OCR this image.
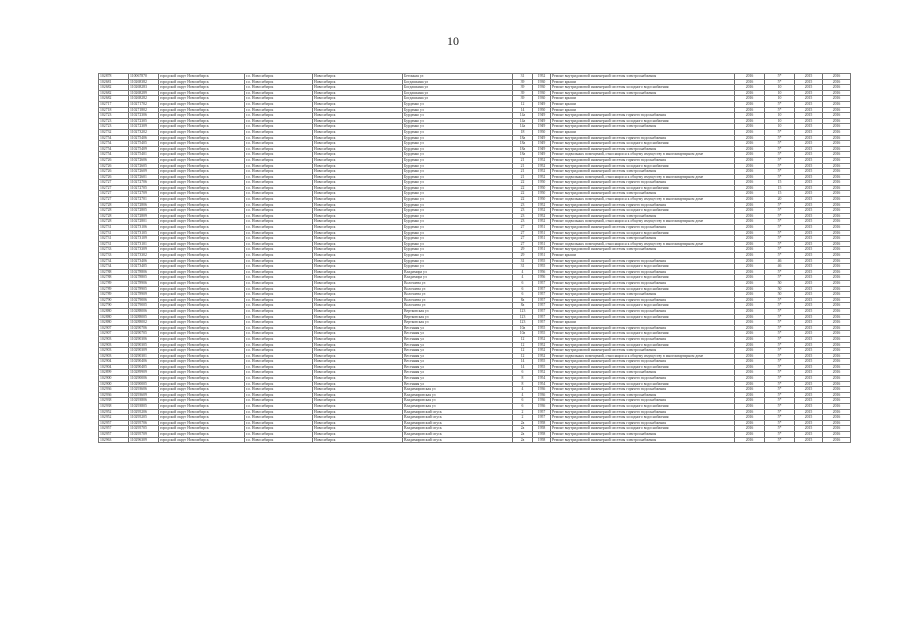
10
102878	110067870	городской округ Новосибирск	г.о. Новосибирск	Новосибирск	Бетонная ул	31	1952	Ремонт внутридомовой инженерной системы электроснабжения	2016	5*	2015	2016
102681	110268382	городской округ Новосибирск	г.о. Новосибирск	Новосибирск	Богдашкина ул	39	1930	Ремонт крыши	2016	5*	2015	2016
102682	110268283	городской округ Новосибирск	г.о. Новосибирск	Новосибирск	Богдашкина ул	39	1930	Ремонт внутридомовой инженерной системы холодного водоснабжения	2016	10	2015	2016
102682	110268289	городской округ Новосибирск	г.о. Новосибирск	Новосибирск	Богдашкина ул	39	1930	Ремонт внутридомовой инженерной системы электроснабжения	2016	10	2015	2016
102682	110268282	городской округ Новосибирск	г.о. Новосибирск	Новосибирск	Богдашкина ул	39	1930	Ремонт крыши	2016	10	2015	2016
102717	110271702	городской округ Новосибирск	г.о. Новосибирск	Новосибирск	Бурденко ул	12	1949	Ремонт крыши	2016	5*	2015	2016
102718	110271802	городской округ Новосибирск	г.о. Новосибирск	Новосибирск	Бурденко ул	14	1950	Ремонт крыши	2016	5*	2015	2016
102723	110272306	городской округ Новосибирск	г.о. Новосибирск	Новосибирск	Бурденко ул	14а	1949	Ремонт внутридомовой инженерной системы горячего водоснабжения	2016	10	2015	2016
102723	110272305	городской округ Новосибирск	г.о. Новосибирск	Новосибирск	Бурденко ул	14а	1949	Ремонт внутридомовой инженерной системы холодного водоснабжения	2016	10	2015	2016
102723	110272309	городской округ Новосибирск	г.о. Новосибирск	Новосибирск	Бурденко ул	14а	1949	Ремонт внутридомовой инженерной системы электроснабжения	2016	10	2015	2016
102732	110273202	городской округ Новосибирск	г.о. Новосибирск	Новосибирск	Бурденко ул	18	1950	Ремонт крыши	2016	5*	2015	2016
102754	110275406	городской округ Новосибирск	г.о. Новосибирск	Новосибирск	Бурденко ул	18а	1949	Ремонт внутридомовой инженерной системы горячего водоснабжения	2016	5*	2015	2016
102754	110275405	городской округ Новосибирск	г.о. Новосибирск	Новосибирск	Бурденко ул	18а	1949	Ремонт внутридомовой инженерной системы холодного водоснабжения	2016	5*	2015	2016
102754	110275409	городской округ Новосибирск	г.о. Новосибирск	Новосибирск	Бурденко ул	18а	1949	Ремонт внутридомовой инженерной системы электроснабжения	2016	5*	2015	2016
102754	110275401	городской округ Новосибирск	г.о. Новосибирск	Новосибирск	Бурденко ул	18а	1949	Ремонт подвальных помещений, относящихся к общему имуществу в многоквартирном доме	2016	5*	2015	2016
102726	110272606	городской округ Новосибирск	г.о. Новосибирск	Новосибирск	Бурденко ул	21	1952	Ремонт внутридомовой инженерной системы горячего водоснабжения	2016	5*	2015	2016
102726	110272605	городской округ Новосибирск	г.о. Новосибирск	Новосибирск	Бурденко ул	21	1952	Ремонт внутридомовой инженерной системы холодного водоснабжения	2016	5*	2015	2016
102726	110272609	городской округ Новосибирск	г.о. Новосибирск	Новосибирск	Бурденко ул	21	1952	Ремонт внутридомовой инженерной системы электроснабжения	2016	5*	2015	2016
102726	110272601	городской округ Новосибирск	г.о. Новосибирск	Новосибирск	Бурденко ул	21	1952	Ремонт подвальных помещений, относящихся к общему имуществу в многоквартирном доме	2016	5*	2015	2016
102727	110272706	городской округ Новосибирск	г.о. Новосибирск	Новосибирск	Бурденко ул	22	1950	Ремонт внутридомовой инженерной системы горячего водоснабжения	2016	15	2015	2016
102727	110272705	городской округ Новосибирск	г.о. Новосибирск	Новосибирск	Бурденко ул	22	1950	Ремонт внутридомовой инженерной системы холодного водоснабжения	2016	15	2015	2016
102727	110272709	городской округ Новосибирск	г.о. Новосибирск	Новосибирск	Бурденко ул	22	1950	Ремонт внутридомовой инженерной системы электроснабжения	2016	15	2015	2016
102727	110272701	городской округ Новосибирск	г.о. Новосибирск	Новосибирск	Бурденко ул	22	1950	Ремонт подвальных помещений, относящихся к общему имуществу в многоквартирном доме	2016	20	2015	2016
102728	110272806	городской округ Новосибирск	г.о. Новосибирск	Новосибирск	Бурденко ул	23	1952	Ремонт внутридомовой инженерной системы горячего водоснабжения	2016	5*	2015	2016
102728	110272805	городской округ Новосибирск	г.о. Новосибирск	Новосибирск	Бурденко ул	23	1952	Ремонт внутридомовой инженерной системы холодного водоснабжения	2016	5*	2015	2016
102728	110272809	городской округ Новосибирск	г.о. Новосибирск	Новосибирск	Бурденко ул	23	1952	Ремонт внутридомовой инженерной системы электроснабжения	2016	5*	2015	2016
102728	110272801	городской округ Новосибирск	г.о. Новосибирск	Новосибирск	Бурденко ул	23	1952	Ремонт подвальных помещений, относящихся к общему имуществу в многоквартирном доме	2016	5*	2015	2016
102731	110273106	городской округ Новосибирск	г.о. Новосибирск	Новосибирск	Бурденко ул	27	1951	Ремонт внутридомовой инженерной системы горячего водоснабжения	2016	5*	2015	2016
102731	110273105	городской округ Новосибирск	г.о. Новосибирск	Новосибирск	Бурденко ул	27	1951	Ремонт внутридомовой инженерной системы холодного водоснабжения	2016	5*	2015	2016
102731	110273109	городской округ Новосибирск	г.о. Новосибирск	Новосибирск	Бурденко ул	27	1951	Ремонт внутридомовой инженерной системы электроснабжения	2016	5*	2015	2016
102731	110273101	городской округ Новосибирск	г.о. Новосибирск	Новосибирск	Бурденко ул	27	1951	Ремонт подвальных помещений, относящихся к общему имуществу в многоквартирном доме	2016	5*	2015	2016
102733	110273309	городской округ Новосибирск	г.о. Новосибирск	Новосибирск	Бурденко ул	29	1951	Ремонт внутридомовой инженерной системы электроснабжения	2016	5*	2015	2016
102733	110273302	городской округ Новосибирск	г.о. Новосибирск	Новосибирск	Бурденко ул	29	1951	Ремонт крыши	2016	5*	2015	2016
102734	110273406	городской округ Новосибирск	г.о. Новосибирск	Новосибирск	Бурденко ул	31	1955	Ремонт внутридомовой инженерной системы горячего водоснабжения	2016	46	2015	2016
102734	110273405	городской округ Новосибирск	г.о. Новосибирск	Новосибирск	Бурденко ул	31	1955	Ремонт внутридомовой инженерной системы холодного водоснабжения	2016	46	2015	2016
102788	110278806	городской округ Новосибирск	г.о. Новосибирск	Новосибирск	Владимира ул	4	1956	Ремонт внутридомовой инженерной системы горячего водоснабжения	2016	5*	2015	2016
102788	110278805	городской округ Новосибирск	г.о. Новосибирск	Новосибирск	Владимира ул	4	1956	Ремонт внутридомовой инженерной системы холодного водоснабжения	2016	5*	2015	2016
102789	110278906	городской округ Новосибирск	г.о. Новосибирск	Новосибирск	Волочаева ул	6	1957	Ремонт внутридомовой инженерной системы горячего водоснабжения	2016	50	2015	2016
102789	110278905	городской округ Новосибирск	г.о. Новосибирск	Новосибирск	Волочаева ул	6	1957	Ремонт внутридомовой инженерной системы холодного водоснабжения	2016	50	2015	2016
102789	110278909	городской округ Новосибирск	г.о. Новосибирск	Новосибирск	Волочаева ул	6	1957	Ремонт внутридомовой инженерной системы электроснабжения	2016	50	2015	2016
102790	110279006	городской округ Новосибирск	г.о. Новосибирск	Новосибирск	Волочаева ул	8а	1957	Ремонт внутридомовой инженерной системы горячего водоснабжения	2016	5*	2015	2016
102790	110279005	городской округ Новосибирск	г.о. Новосибирск	Новосибирск	Волочаева ул	8а	1957	Ремонт внутридомовой инженерной системы холодного водоснабжения	2016	5*	2015	2016
102880	110288006	городской округ Новосибирск	г.о. Новосибирск	Новосибирск	Вертковская ул	123	1957	Ремонт внутридомовой инженерной системы горячего водоснабжения	2016	5*	2015	2016
102880	110288005	городской округ Новосибирск	г.о. Новосибирск	Новосибирск	Вертковская ул	123	1957	Ремонт внутридомовой инженерной системы холодного водоснабжения	2016	5*	2015	2016
102880	110288002	городской округ Новосибирск	г.о. Новосибирск	Новосибирск	Вертковская ул	123	1957	Ремонт крыши	2016	5*	2015	2016
102907	110290706	городской округ Новосибирск	г.о. Новосибирск	Новосибирск	Весенняя ул	10а	1955	Ремонт внутридомовой инженерной системы горячего водоснабжения	2016	5*	2015	2016
102907	110290705	городской округ Новосибирск	г.о. Новосибирск	Новосибирск	Весенняя ул	10а	1955	Ремонт внутридомовой инженерной системы холодного водоснабжения	2016	5*	2015	2016
102903	110290306	городской округ Новосибирск	г.о. Новосибирск	Новосибирск	Весенняя ул	12	1952	Ремонт внутридомовой инженерной системы горячего водоснабжения	2016	5*	2015	2016
102903	110290305	городской округ Новосибирск	г.о. Новосибирск	Новосибирск	Весенняя ул	12	1952	Ремонт внутридомовой инженерной системы холодного водоснабжения	2016	5*	2015	2016
102903	110290309	городской округ Новосибирск	г.о. Новосибирск	Новосибирск	Весенняя ул	12	1952	Ремонт внутридомовой инженерной системы электроснабжения	2016	5*	2015	2016
102903	110290301	городской округ Новосибирск	г.о. Новосибирск	Новосибирск	Весенняя ул	12	1952	Ремонт подвальных помещений, относящихся к общему имуществу в многоквартирном доме	2016	5*	2015	2016
102904	110290406	городской округ Новосибирск	г.о. Новосибирск	Новосибирск	Весенняя ул	14	1955	Ремонт внутридомовой инженерной системы горячего водоснабжения	2016	5*	2015	2016
102904	110290405	городской округ Новосибирск	г.о. Новосибирск	Новосибирск	Весенняя ул	14	1955	Ремонт внутридомовой инженерной системы холодного водоснабжения	2016	5*	2015	2016
102899	110289909	городской округ Новосибирск	г.о. Новосибирск	Новосибирск	Весенняя ул	6	1952	Ремонт внутридомовой инженерной системы электроснабжения	2016	5*	2015	2016
102900	110290006	городской округ Новосибирск	г.о. Новосибирск	Новосибирск	Весенняя ул	8	1954	Ремонт внутридомовой инженерной системы горячего водоснабжения	2016	5*	2015	2016
102900	110290005	городской округ Новосибирск	г.о. Новосибирск	Новосибирск	Весенняя ул	8	1954	Ремонт внутридомовой инженерной системы холодного водоснабжения	2016	5*	2015	2016
102936	110293606	городской округ Новосибирск	г.о. Новосибирск	Новосибирск	Владимировская ул	4	1936	Ремонт внутридомовой инженерной системы горячего водоснабжения	2016	5*	2015	2016
102936	110293609	городской округ Новосибирск	г.о. Новосибирск	Новосибирск	Владимировская ул	4	1936	Ремонт внутридомовой инженерной системы электроснабжения	2016	5*	2015	2016
102938	110293806	городской округ Новосибирск	г.о. Новосибирск	Новосибирск	Владимировская ул	6	1936	Ремонт внутридомовой инженерной системы горячего водоснабжения	2016	5*	2015	2016
102938	110293805	городской округ Новосибирск	г.о. Новосибирск	Новосибирск	Владимировская ул	6	1936	Ремонт внутридомовой инженерной системы холодного водоснабжения	2016	5*	2015	2016
102952	110295206	городской округ Новосибирск	г.о. Новосибирск	Новосибирск	Владимировский спуск	2	1957	Ремонт внутридомовой инженерной системы горячего водоснабжения	2016	5*	2015	2016
102952	110295205	городской округ Новосибирск	г.о. Новосибирск	Новосибирск	Владимировский спуск	2	1957	Ремонт внутридомовой инженерной системы холодного водоснабжения	2016	5*	2015	2016
102957	110295706	городской округ Новосибирск	г.о. Новосибирск	Новосибирск	Владимировский спуск	2а	1958	Ремонт внутридомовой инженерной системы горячего водоснабжения	2016	5*	2015	2016
102957	110295705	городской округ Новосибирск	г.о. Новосибирск	Новосибирск	Владимировский спуск	2а	1958	Ремонт внутридомовой инженерной системы холодного водоснабжения	2016	5*	2015	2016
102957	110295709	городской округ Новосибирск	г.о. Новосибирск	Новосибирск	Владимировский спуск	2а	1958	Ремонт внутридомовой инженерной системы электроснабжения	2016	5*	2015	2016
102963	110296309	городской округ Новосибирск	г.о. Новосибирск	Новосибирск	Владимировский спуск	2а	1958	Ремонт внутридомовой инженерной системы электроснабжения	2016	5*	2015	2016
